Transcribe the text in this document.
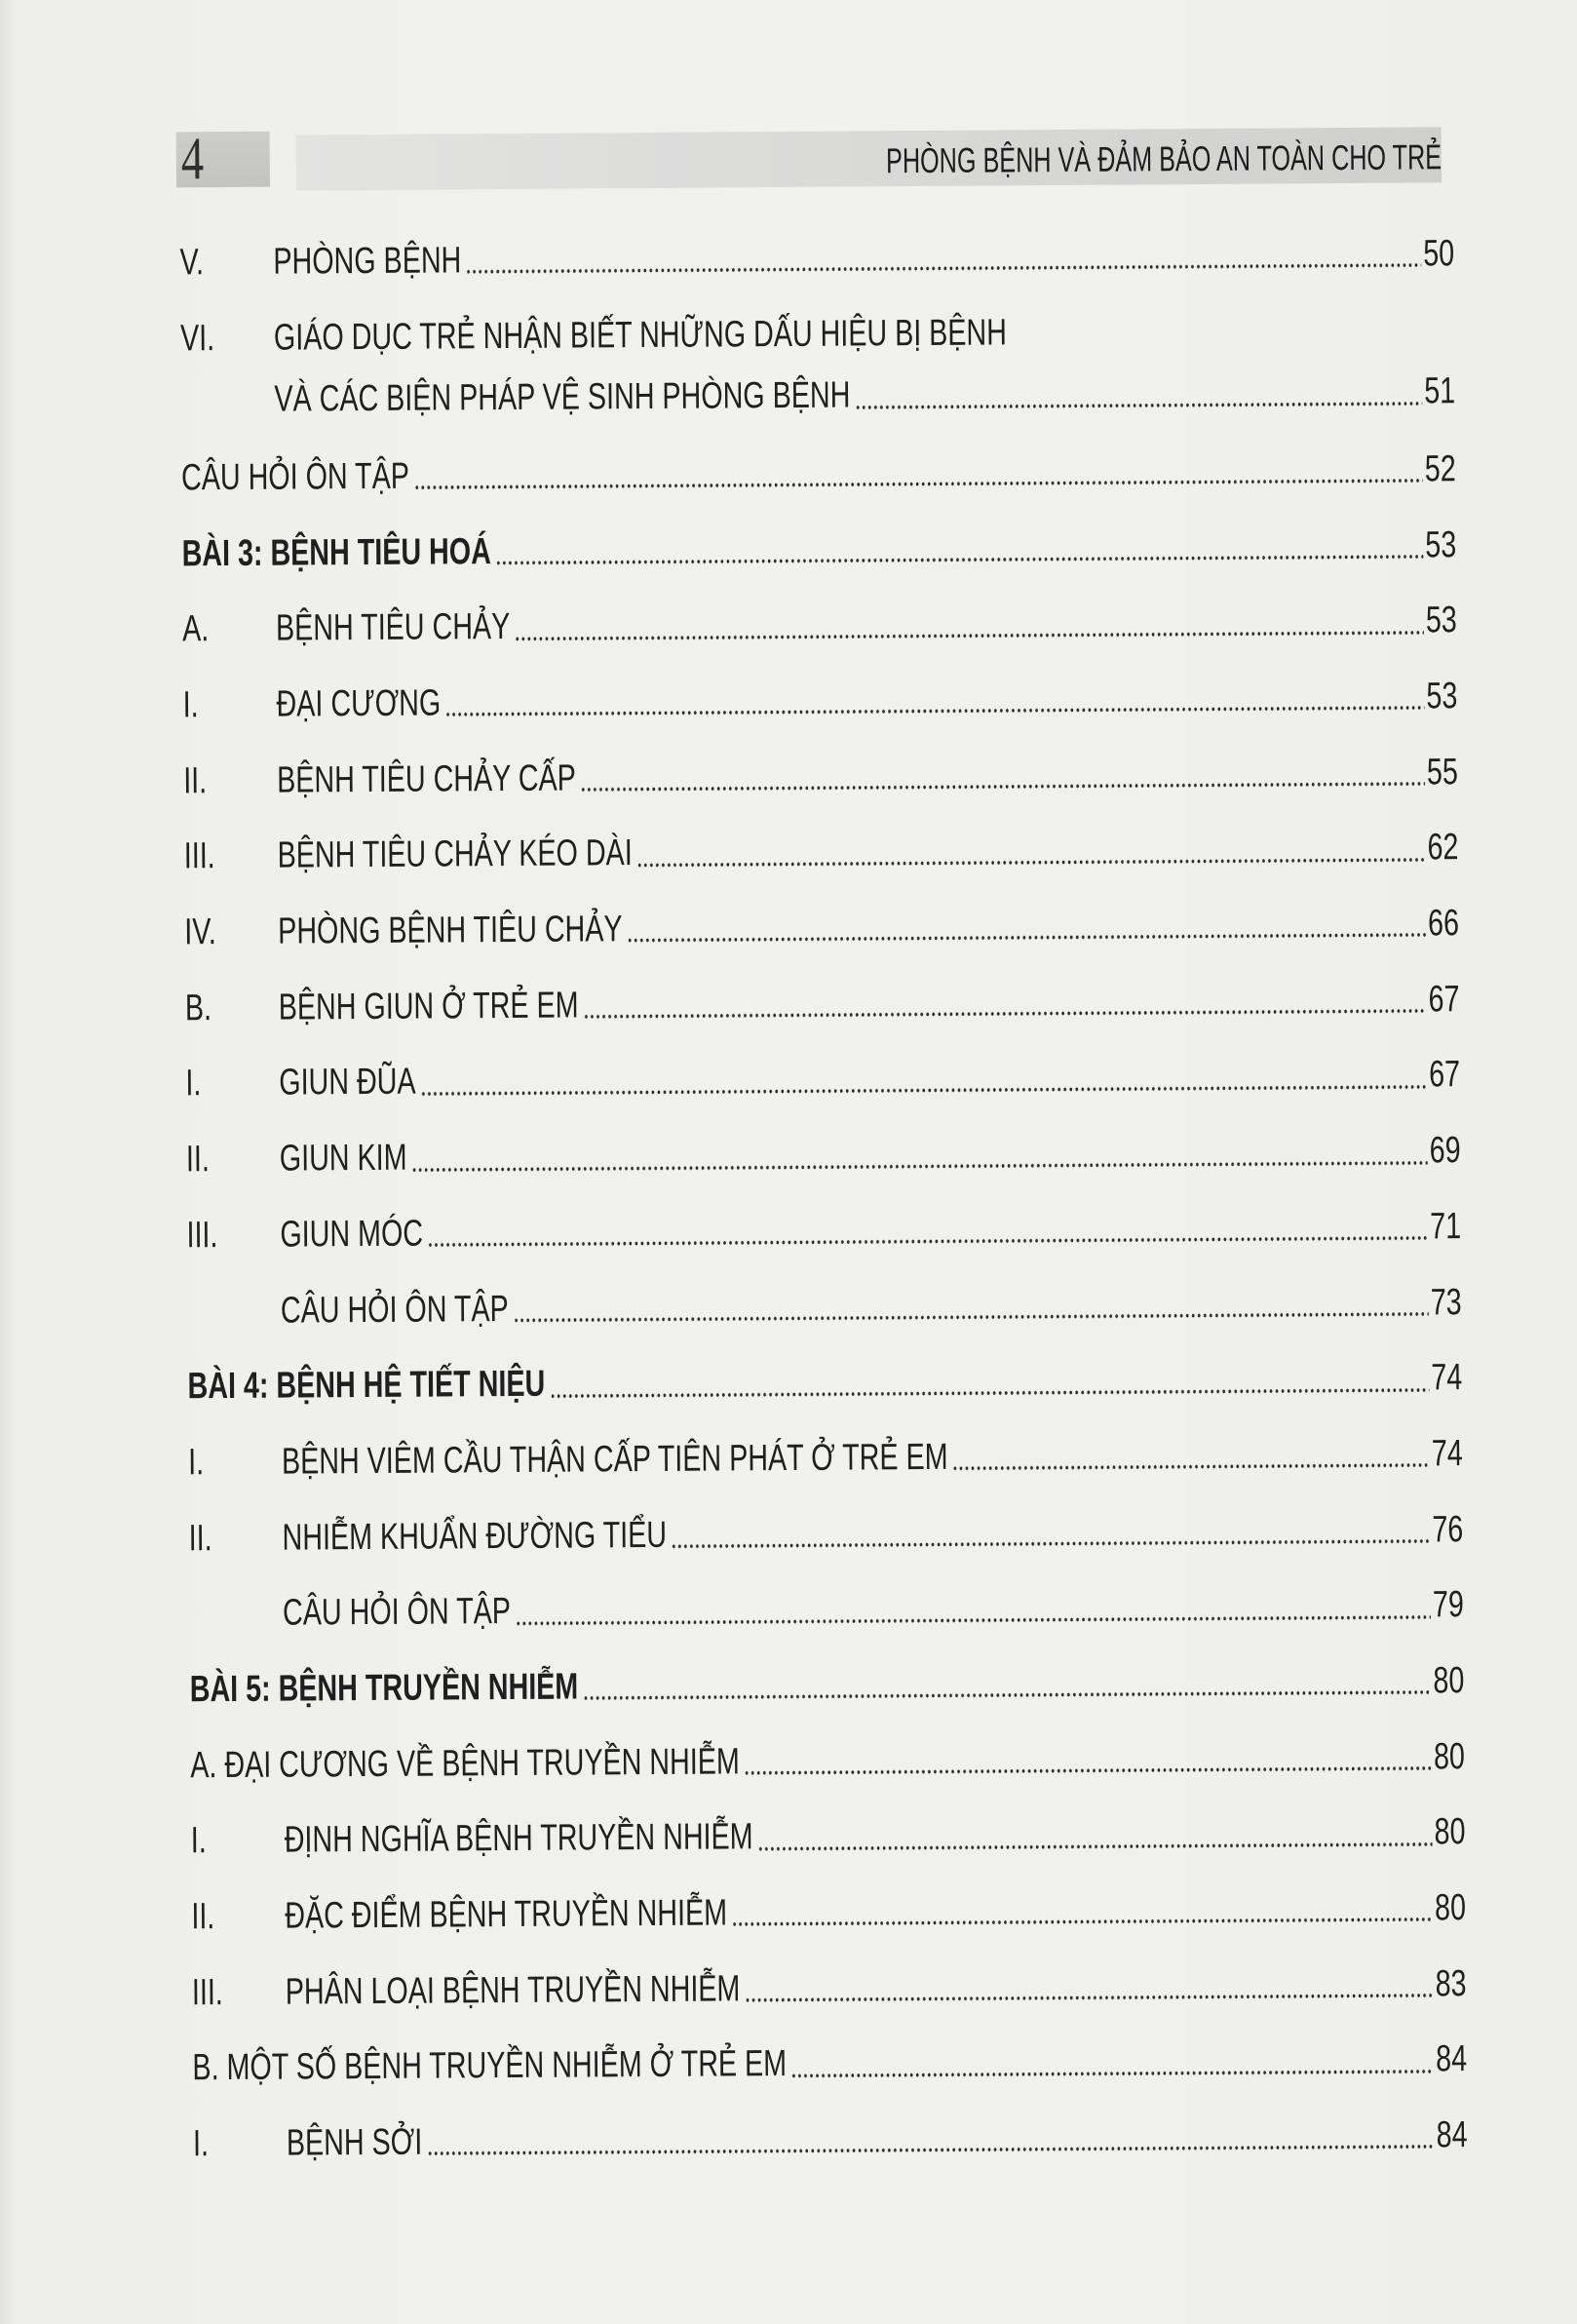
4	PHÒNG BỆNH VÀ ĐẢM BẢO AN TOÀN CHO TRẺ
V.	PHÒNG BỆNH	50
VI.	GIÁO DỤC TRẺ NHẬN BIẾT NHỮNG DẤU HIỆU BỊ BỆNH
VÀ CÁC BIỆN PHÁP VỆ SINH PHÒNG BỆNH	51
CÂU HỎI ÔN TẬP	52
BÀI 3: BỆNH TIÊU HOÁ	53
A.	BỆNH TIÊU CHẢY	53
I.	ĐẠI CƯƠNG	53
II.	BỆNH TIÊU CHẢY CẤP	55
III.	BỆNH TIÊU CHẢY KÉO DÀI	62
IV.	PHÒNG BỆNH TIÊU CHẢY	66
B.	BỆNH GIUN Ở TRẺ EM	67
I.	GIUN ĐŨA	67
II.	GIUN KIM	69
III.	GIUN MÓC	71
CÂU HỎI ÔN TẬP	73
BÀI 4: BỆNH HỆ TIẾT NIỆU	74
I.	BỆNH VIÊM CẦU THẬN CẤP TIÊN PHÁT Ở TRẺ EM	74
II.	NHIỄM KHUẨN ĐƯỜNG TIỂU	76
CÂU HỎI ÔN TẬP	79
BÀI 5: BỆNH TRUYỀN NHIỄM	80
A. ĐẠI CƯƠNG VỀ BỆNH TRUYỀN NHIỄM	80
I.	ĐỊNH NGHĨA BỆNH TRUYỀN NHIỄM	80
II.	ĐẶC ĐIỂM BỆNH TRUYỀN NHIỄM	80
III.	PHÂN LOẠI BỆNH TRUYỀN NHIỄM	83
B. MỘT SỐ BỆNH TRUYỀN NHIỄM Ở TRẺ EM	84
I.	BỆNH SỞI	84
